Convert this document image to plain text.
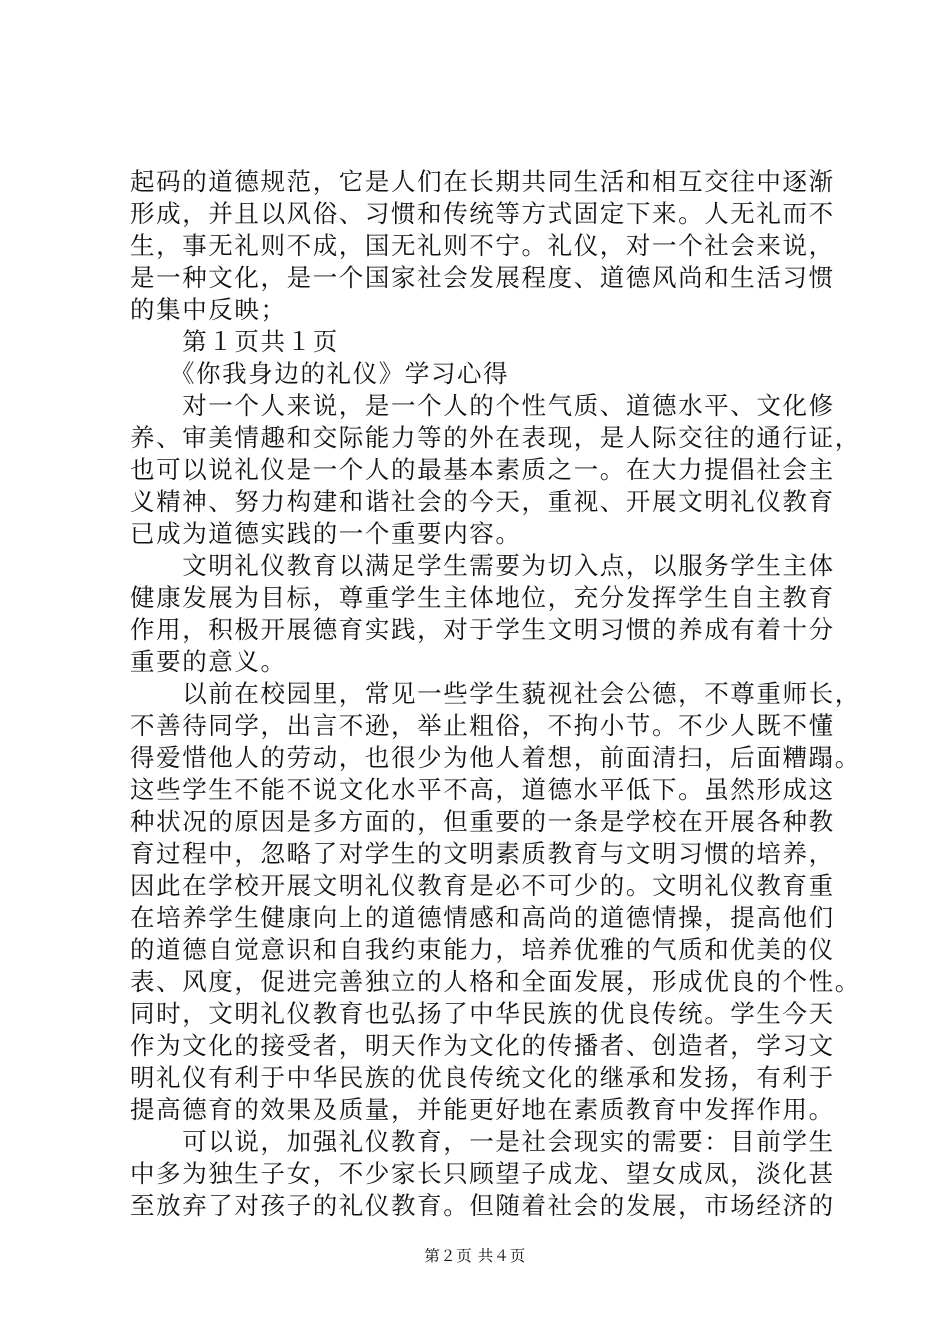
起码的道德规范，它是人们在长期共同生活和相互交往中逐渐
形成，并且以风俗、习惯和传统等方式固定下来。人无礼而不
生，事无礼则不成，国无礼则不宁。礼仪，对一个社会来说，
是一种文化，是一个国家社会发展程度、道德风尚和生活习惯
的集中反映；
　　第１页共１页
　　《你我身边的礼仪》学习心得
　　对一个人来说，是一个人的个性气质、道德水平、文化修
养、审美情趣和交际能力等的外在表现，是人际交往的通行证，
也可以说礼仪是一个人的最基本素质之一。在大力提倡社会主
义精神、努力构建和谐社会的今天，重视、开展文明礼仪教育
已成为道德实践的一个重要内容。
　　文明礼仪教育以满足学生需要为切入点，以服务学生主体
健康发展为目标，尊重学生主体地位，充分发挥学生自主教育
作用，积极开展德育实践，对于学生文明习惯的养成有着十分
重要的意义。
　　以前在校园里，常见一些学生藐视社会公德，不尊重师长，
不善待同学，出言不逊，举止粗俗，不拘小节。不少人既不懂
得爱惜他人的劳动，也很少为他人着想，前面清扫，后面糟蹋。
这些学生不能不说文化水平不高，道德水平低下。虽然形成这
种状况的原因是多方面的，但重要的一条是学校在开展各种教
育过程中，忽略了对学生的文明素质教育与文明习惯的培养，
因此在学校开展文明礼仪教育是必不可少的。文明礼仪教育重
在培养学生健康向上的道德情感和高尚的道德情操，提高他们
的道德自觉意识和自我约束能力，培养优雅的气质和优美的仪
表、风度，促进完善独立的人格和全面发展，形成优良的个性。
同时，文明礼仪教育也弘扬了中华民族的优良传统。学生今天
作为文化的接受者，明天作为文化的传播者、创造者，学习文
明礼仪有利于中华民族的优良传统文化的继承和发扬，有利于
提高德育的效果及质量，并能更好地在素质教育中发挥作用。
　　可以说，加强礼仪教育，一是社会现实的需要：目前学生
中多为独生子女，不少家长只顾望子成龙、望女成凤，淡化甚
至放弃了对孩子的礼仪教育。但随着社会的发展，市场经济的
第２页 共４页
